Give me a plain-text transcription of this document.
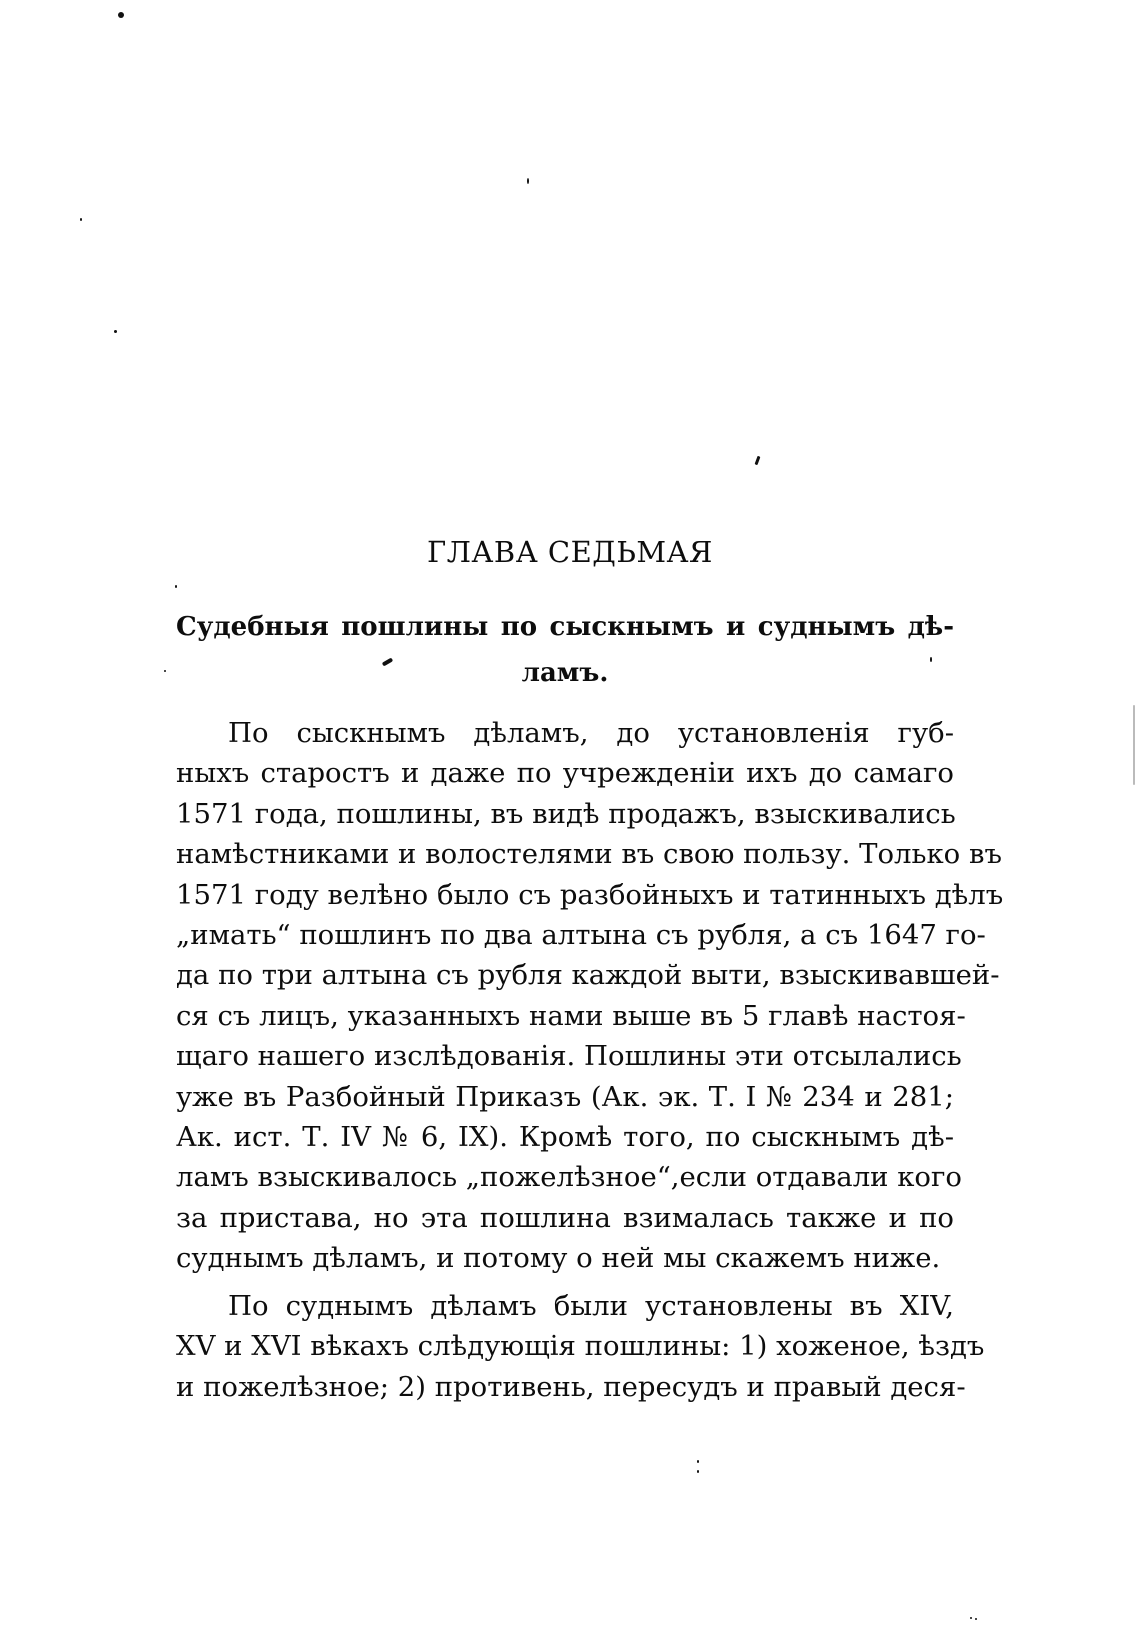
ГЛАВА СЕДЬМАЯ
Судебныя пошлины по сыскнымъ и суднымъ дѣ-
ламъ.
По сыскнымъ дѣламъ, до установленія губ-
ныхъ старостъ и даже по учрежденіи ихъ до самаго
1571 года, пошлины, въ видѣ продажъ, взыскивались
намѣстниками и волостелями въ свою пользу. Только въ
1571 году велѣно было съ разбойныхъ и татинныхъ дѣлъ
„имать“ пошлинъ по два алтына съ рубля, а съ 1647 го-
да по три алтына съ рубля каждой выти, взыскивавшей-
ся съ лицъ, указанныхъ нами выше въ 5 главѣ настоя-
щаго нашего изслѣдованія. Пошлины эти отсылались
уже въ Разбойный Приказъ (Ак. эк. Т. I № 234 и 281;
Ак. ист. Т. IV № 6, IX). Кромѣ того, по сыскнымъ дѣ-
ламъ взыскивалось „пожелѣзное“,если отдавали кого
за пристава, но эта пошлина взималась также и по
суднымъ дѣламъ, и потому о ней мы скажемъ ниже.
По суднымъ дѣламъ были установлены въ XIV,
XV и XVI вѣкахъ слѣдующія пошлины: 1) хоженое, ѣздъ
и пожелѣзное; 2) противень, пересудъ и правый деся-
